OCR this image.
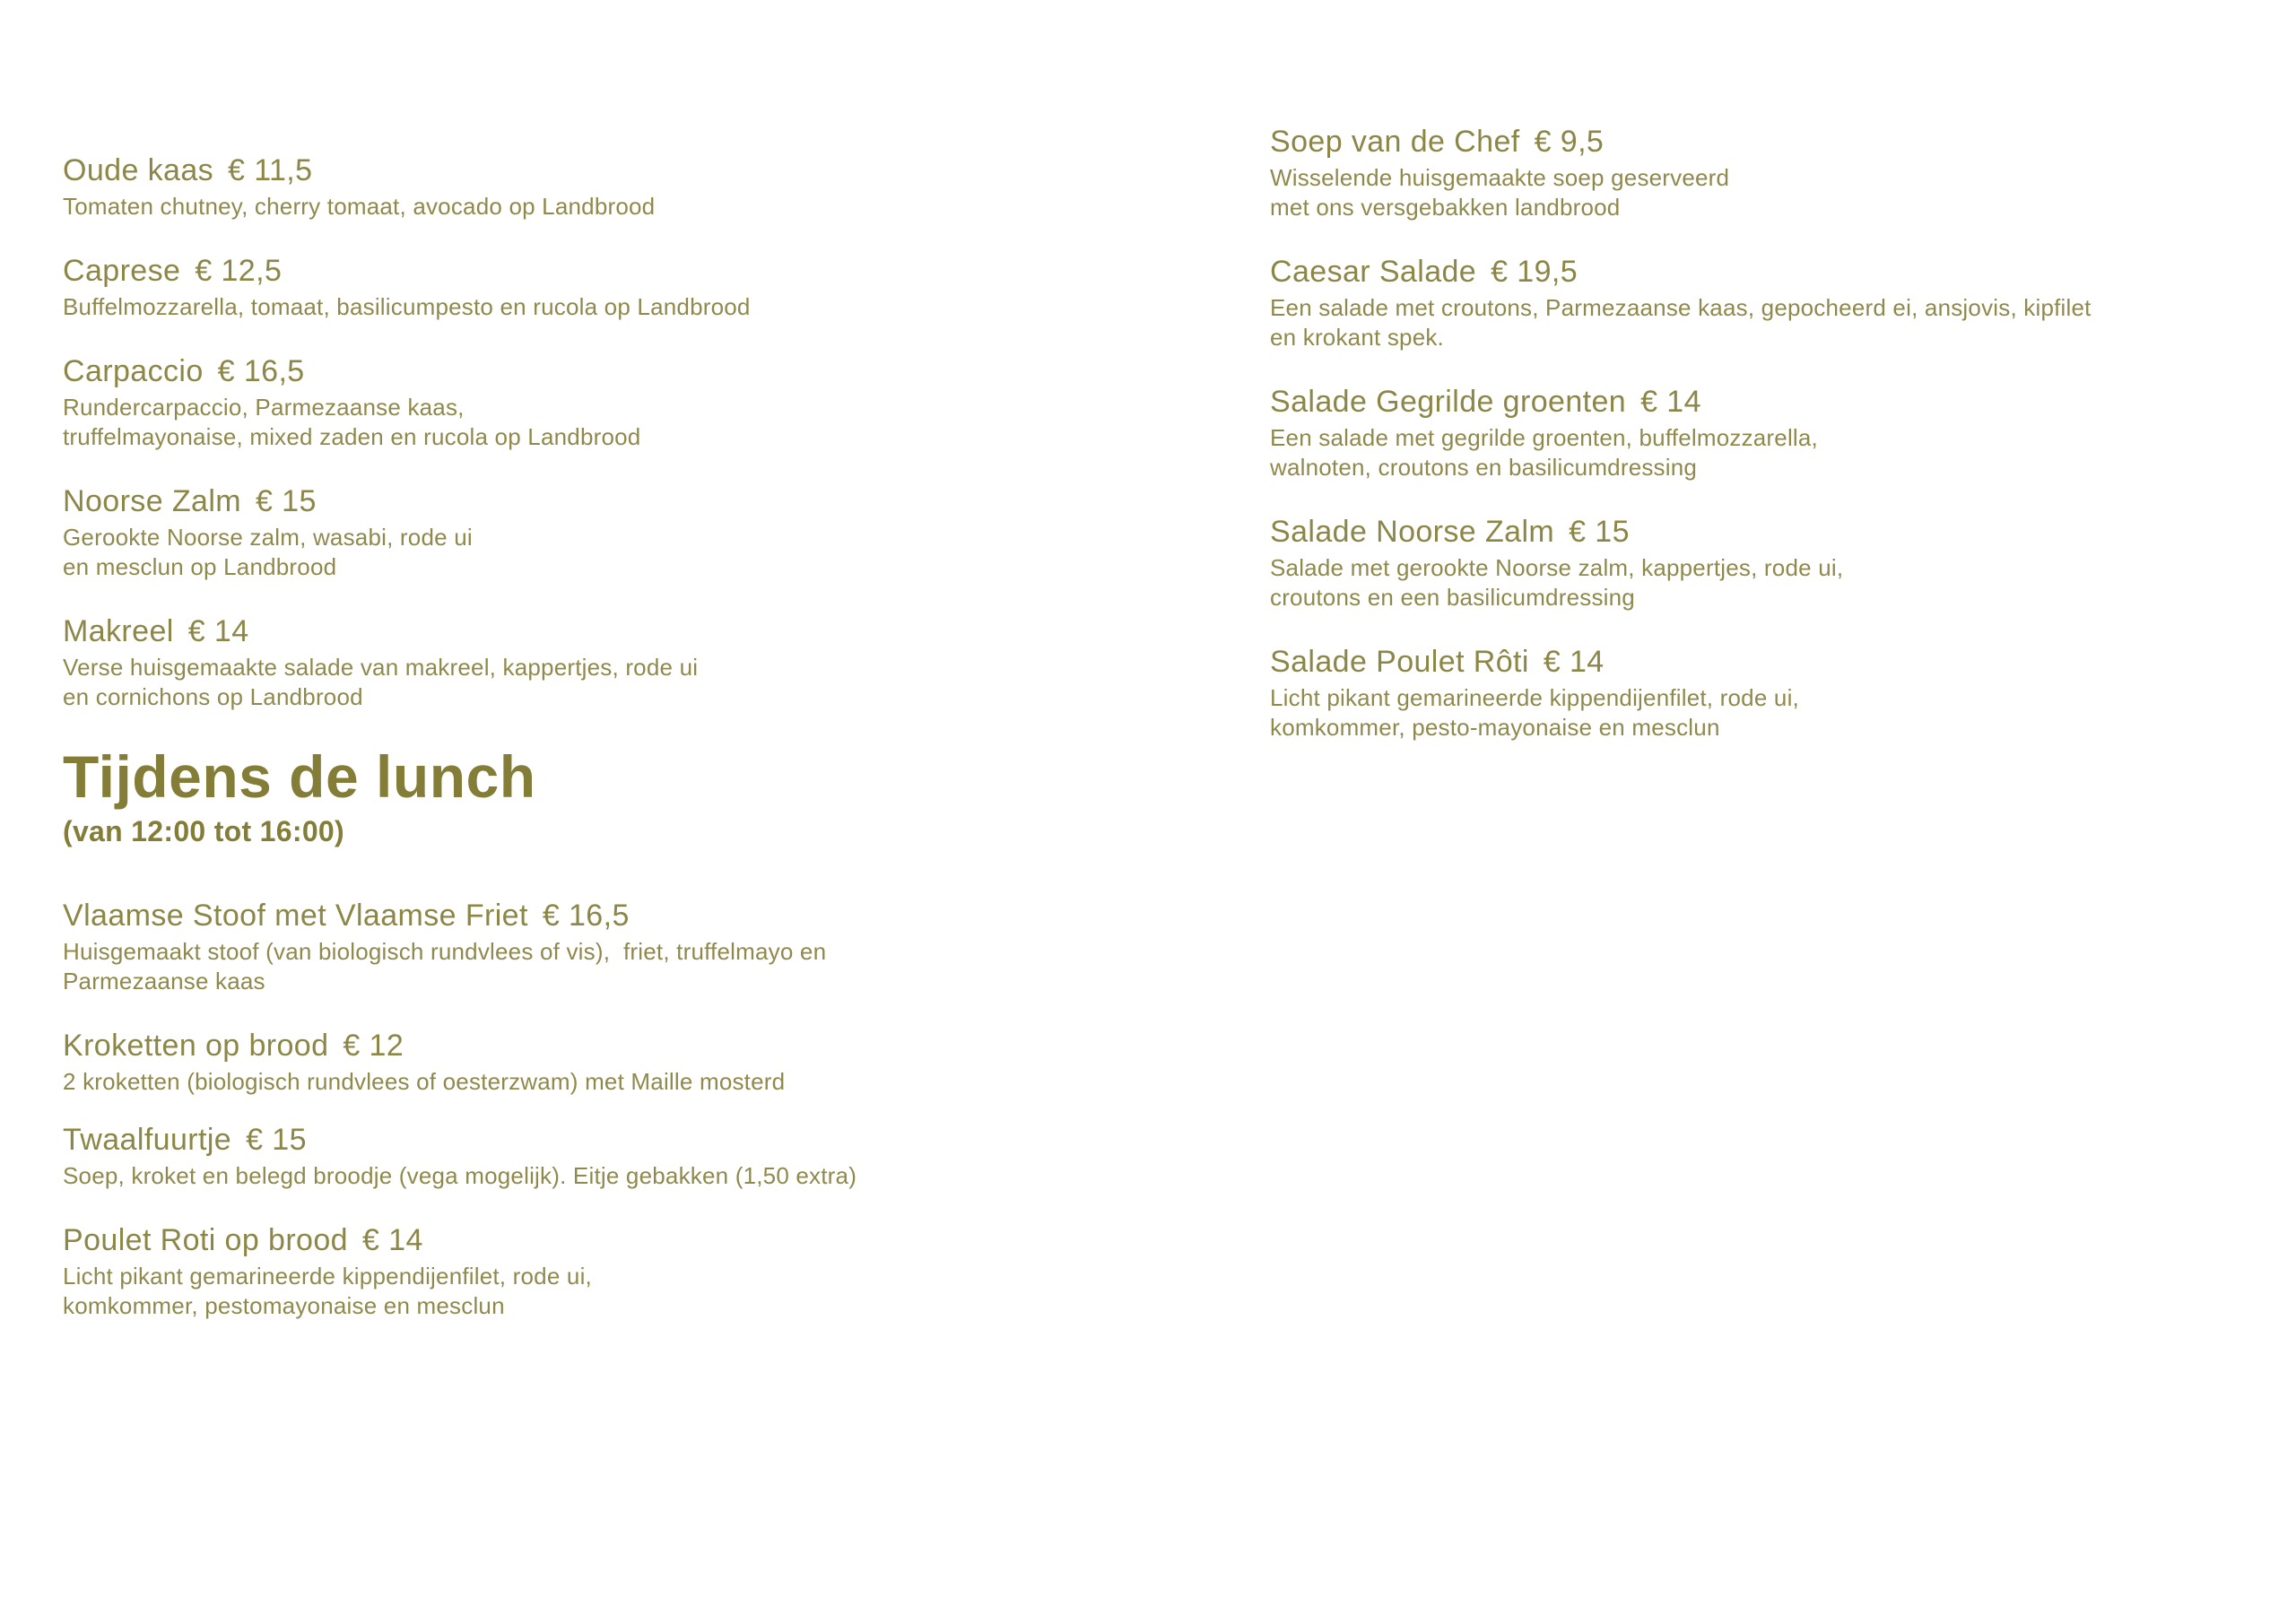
Oude kaas € 11,5
Tomaten chutney, cherry tomaat, avocado op Landbrood
Caprese € 12,5
Buffelmozzarella, tomaat, basilicumpesto en rucola op Landbrood
Carpaccio € 16,5
Rundercarpaccio, Parmezaanse kaas,
truffelmayonaise, mixed zaden en rucola op Landbrood
Noorse Zalm € 15
Gerookte Noorse zalm, wasabi, rode ui
en mesclun op Landbrood
Makreel € 14
Verse huisgemaakte salade van makreel, kappertjes, rode ui
en cornichons op Landbrood
Tijdens de lunch
(van 12:00 tot 16:00)
Vlaamse Stoof met Vlaamse Friet € 16,5
Huisgemaakt stoof (van biologisch rundvlees of vis),  friet, truffelmayo en
Parmezaanse kaas
Kroketten op brood € 12
2 kroketten (biologisch rundvlees of oesterzwam) met Maille mosterd
Twaalfuurtje € 15
Soep, kroket en belegd broodje (vega mogelijk). Eitje gebakken (1,50 extra)
Poulet Roti op brood € 14
Licht pikant gemarineerde kippendijenfilet, rode ui,
komkommer, pestomayonaise en mesclun
Soep van de Chef € 9,5
Wisselende huisgemaakte soep geserveerd
met ons versgebakken landbrood
Caesar Salade € 19,5
Een salade met croutons, Parmezaanse kaas, gepocheerd ei, ansjovis, kipfilet
en krokant spek.
Salade Gegrilde groenten € 14
Een salade met gegrilde groenten, buffelmozzarella,
walnoten, croutons en basilicumdressing
Salade Noorse Zalm € 15
Salade met gerookte Noorse zalm, kappertjes, rode ui,
croutons en een basilicumdressing
Salade Poulet Rôti € 14
Licht pikant gemarineerde kippendijenfilet, rode ui,
komkommer, pesto-mayonaise en mesclun
